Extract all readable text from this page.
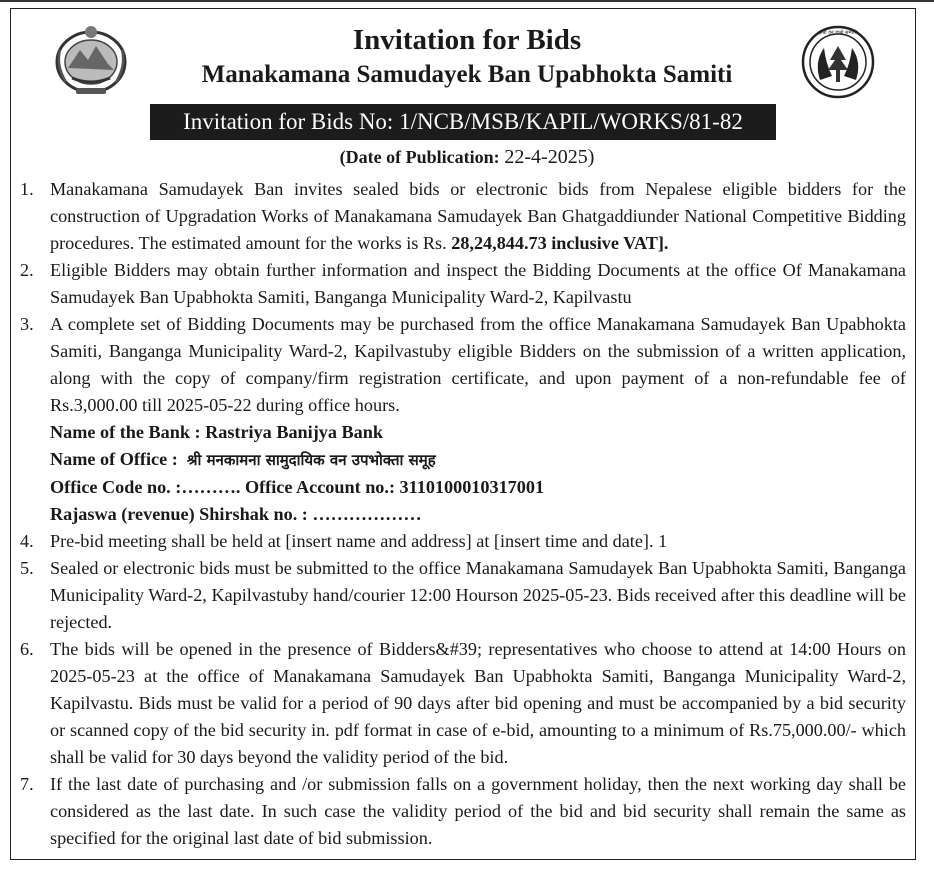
हाम्रो वन हाम्रो सम्पत्ति
Invitation for Bids
Manakamana Samudayek Ban Upabhokta Samiti
Invitation for Bids No: 1/NCB/MSB/KAPIL/WORKS/81-82
(Date of Publication: 22-4-2025)
1. Manakamana Samudayek Ban invites sealed bids or electronic bids from Nepalese eligible bidders for the construction of Upgradation Works of Manakamana Samudayek Ban Ghatgaddiunder National Competitive Bidding procedures. The estimated amount for the works is Rs. 28,24,844.73 inclusive VAT].
2. Eligible Bidders may obtain further information and inspect the Bidding Documents at the office Of Manakamana Samudayek Ban Upabhokta Samiti, Banganga Municipality Ward-2, Kapilvastu
3. A complete set of Bidding Documents may be purchased from the office Manakamana Samudayek Ban Upabhokta Samiti, Banganga Municipality Ward-2, Kapilvastuby eligible Bidders on the submission of a written application, along with the copy of company/firm registration certificate, and upon payment of a non-refundable fee of Rs.3,000.00 till 2025-05-22 during office hours.
Name of the Bank : Rastriya Banijya Bank
Name of Office : श्री मनकामना सामुदायिक वन उपभोक्ता समूह
Office Code no. :………. Office Account no.: 3110100010317001
Rajaswa (revenue) Shirshak no. : ………………
4. Pre-bid meeting shall be held at [insert name and address] at [insert time and date]. 1
5. Sealed or electronic bids must be submitted to the office Manakamana Samudayek Ban Upabhokta Samiti, Banganga Municipality Ward-2, Kapilvastuby hand/courier 12:00 Hourson 2025-05-23. Bids received after this deadline will be rejected.
6. The bids will be opened in the presence of Bidders&#39; representatives who choose to attend at 14:00 Hours on 2025-05-23 at the office of Manakamana Samudayek Ban Upabhokta Samiti, Banganga Municipality Ward-2, Kapilvastu. Bids must be valid for a period of 90 days after bid opening and must be accompanied by a bid security or scanned copy of the bid security in. pdf format in case of e-bid, amounting to a minimum of Rs.75,000.00/- which shall be valid for 30 days beyond the validity period of the bid.
7. If the last date of purchasing and /or submission falls on a government holiday, then the next working day shall be considered as the last date. In such case the validity period of the bid and bid security shall remain the same as specified for the original last date of bid submission.
